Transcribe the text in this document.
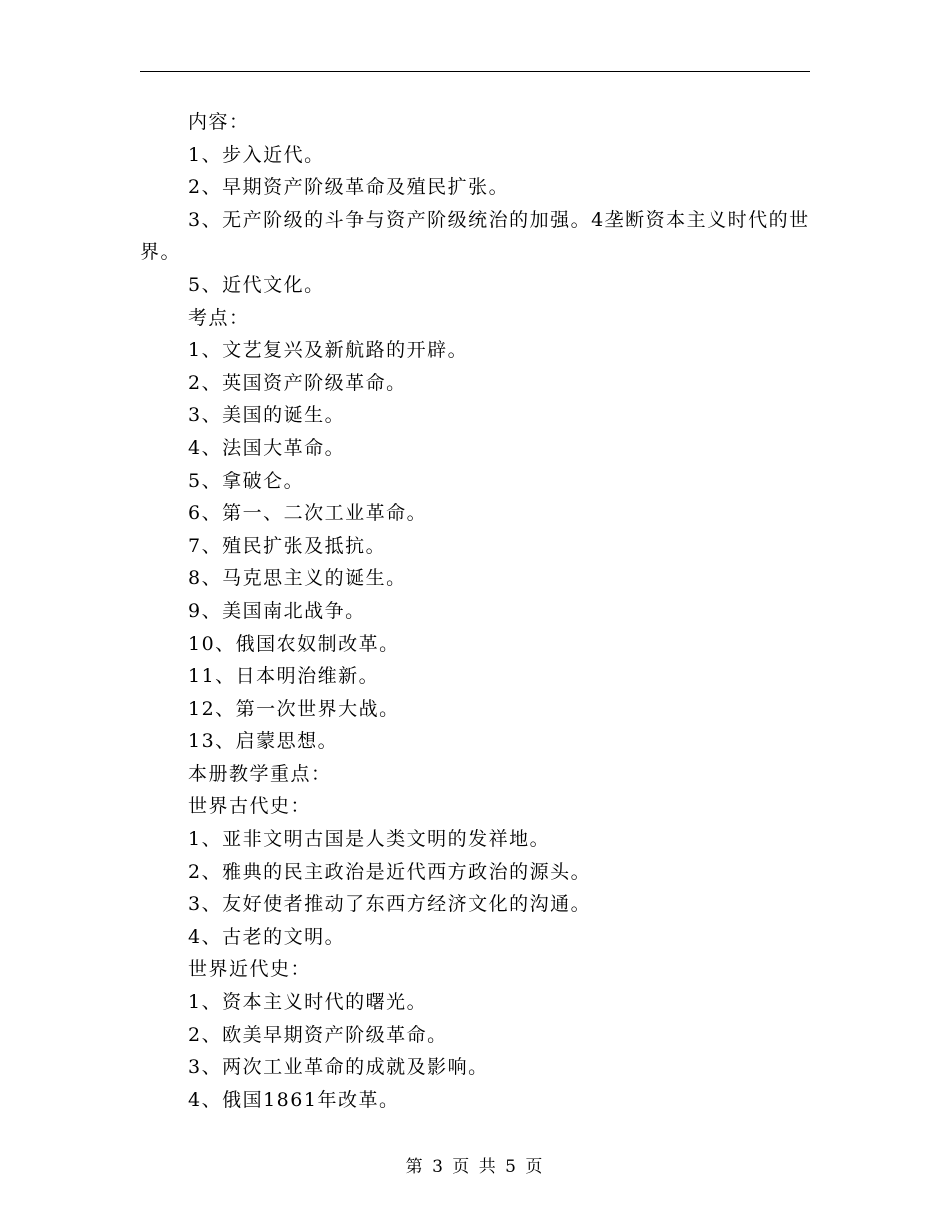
内容：
1、步入近代。
2、早期资产阶级革命及殖民扩张。
3、无产阶级的斗争与资产阶级统治的加强。4垄断资本主义时代的世界。
5、近代文化。
考点：
1、文艺复兴及新航路的开辟。
2、英国资产阶级革命。
3、美国的诞生。
4、法国大革命。
5、拿破仑。
6、第一、二次工业革命。
7、殖民扩张及抵抗。
8、马克思主义的诞生。
9、美国南北战争。
10、俄国农奴制改革。
11、日本明治维新。
12、第一次世界大战。
13、启蒙思想。
本册教学重点：
世界古代史：
1、亚非文明古国是人类文明的发祥地。
2、雅典的民主政治是近代西方政治的源头。
3、友好使者推动了东西方经济文化的沟通。
4、古老的文明。
世界近代史：
1、资本主义时代的曙光。
2、欧美早期资产阶级革命。
3、两次工业革命的成就及影响。
4、俄国1861年改革。
第 3 页 共 5 页
